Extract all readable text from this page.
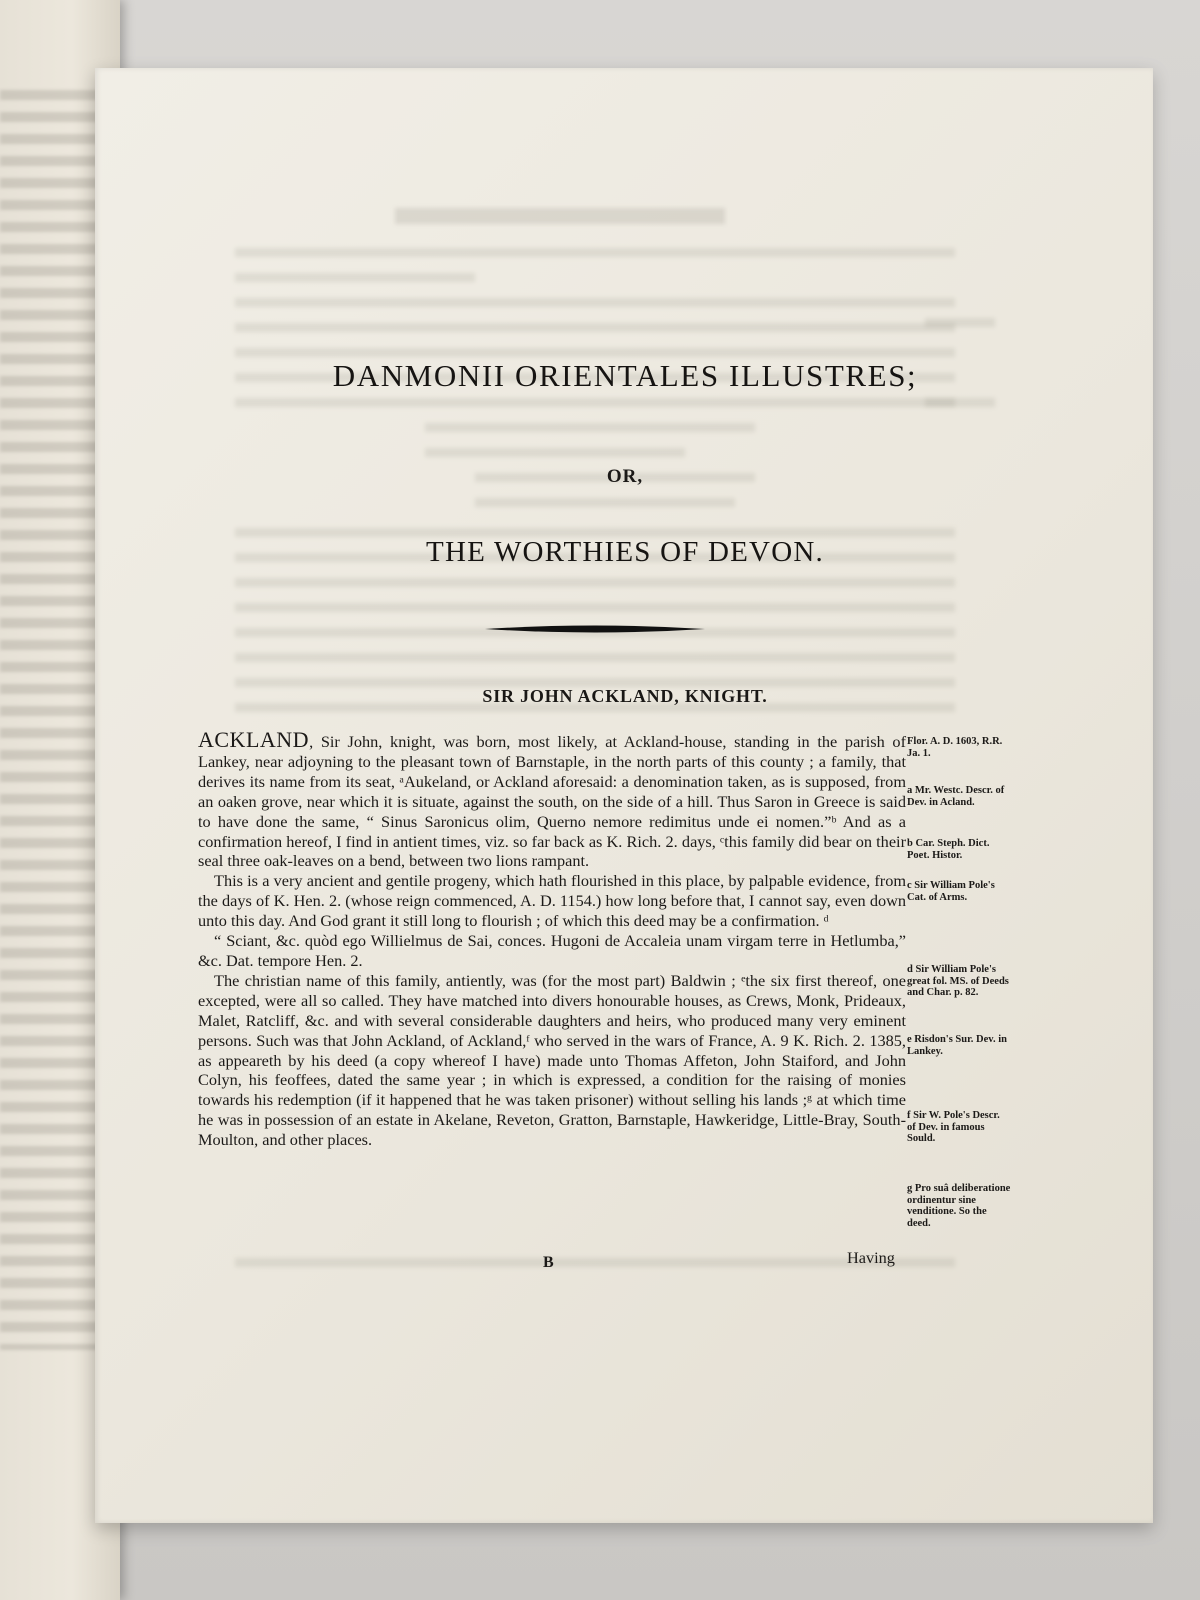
DANMONII ORIENTALES ILLUSTRES;
OR,
THE WORTHIES OF DEVON.
SIR JOHN ACKLAND, KNIGHT.

ACKLAND, Sir John, knight, was born, most likely, at Ackland-house, standing in the parish of Lankey, near adjoyning to the pleasant town of Barnstaple, in the north parts of this county ; a family, that derives its name from its seat, ᵃAukeland, or Ackland aforesaid: a denomination taken, as is supposed, from an oaken grove, near which it is situate, against the south, on the side of a hill. Thus Saron in Greece is said to have done the same, “ Sinus Saronicus olim, Querno nemore redimitus unde ei nomen.”ᵇ And as a confirmation hereof, I find in antient times, viz. so far back as K. Rich. 2. days, ᶜthis family did bear on their seal three oak-leaves on a bend, between two lions rampant.

This is a very ancient and gentile progeny, which hath flourished in this place, by palpable evidence, from the days of K. Hen. 2. (whose reign commenced, A. D. 1154.) how long before that, I cannot say, even down unto this day. And God grant it still long to flourish ; of which this deed may be a confirmation. ᵈ

“ Sciant, &c. quòd ego Willielmus de Sai, conces. Hugoni de Accaleia unam virgam terre in Hetlumba,” &c. Dat. tempore Hen. 2.

The christian name of this family, antiently, was (for the most part) Baldwin ; ᵉthe six first thereof, one excepted, were all so called. They have matched into divers honourable houses, as Crews, Monk, Prideaux, Malet, Ratcliff, &c. and with several considerable daughters and heirs, who produced many very eminent persons. Such was that John Ackland, of Ackland,ᶠ who served in the wars of France, A. 9 K. Rich. 2. 1385, as appeareth by his deed (a copy whereof I have) made unto Thomas Affeton, John Staiford, and John Colyn, his feoffees, dated the same year ; in which is expressed, a condition for the raising of monies towards his redemption (if it happened that he was taken prisoner) without selling his lands ;ᵍ at which time he was in possession of an estate in Akelane, Reveton, Gratton, Barnstaple, Hawkeridge, Little-Bray, South-Moulton, and other places.

Flor. A. D. 1603, R.R. Ja. 1.
a Mr. Westc. Descr. of Dev. in Acland.
b Car. Steph. Dict. Poet. Histor.
c Sir William Pole's Cat. of Arms.
d Sir William Pole's great fol. MS. of Deeds and Char. p. 82.
e Risdon's Sur. Dev. in Lankey.
f Sir W. Pole's Descr. of Dev. in famous Sould.
g Pro suâ deliberatione ordinentur sine venditione. So the deed.
B	Having
